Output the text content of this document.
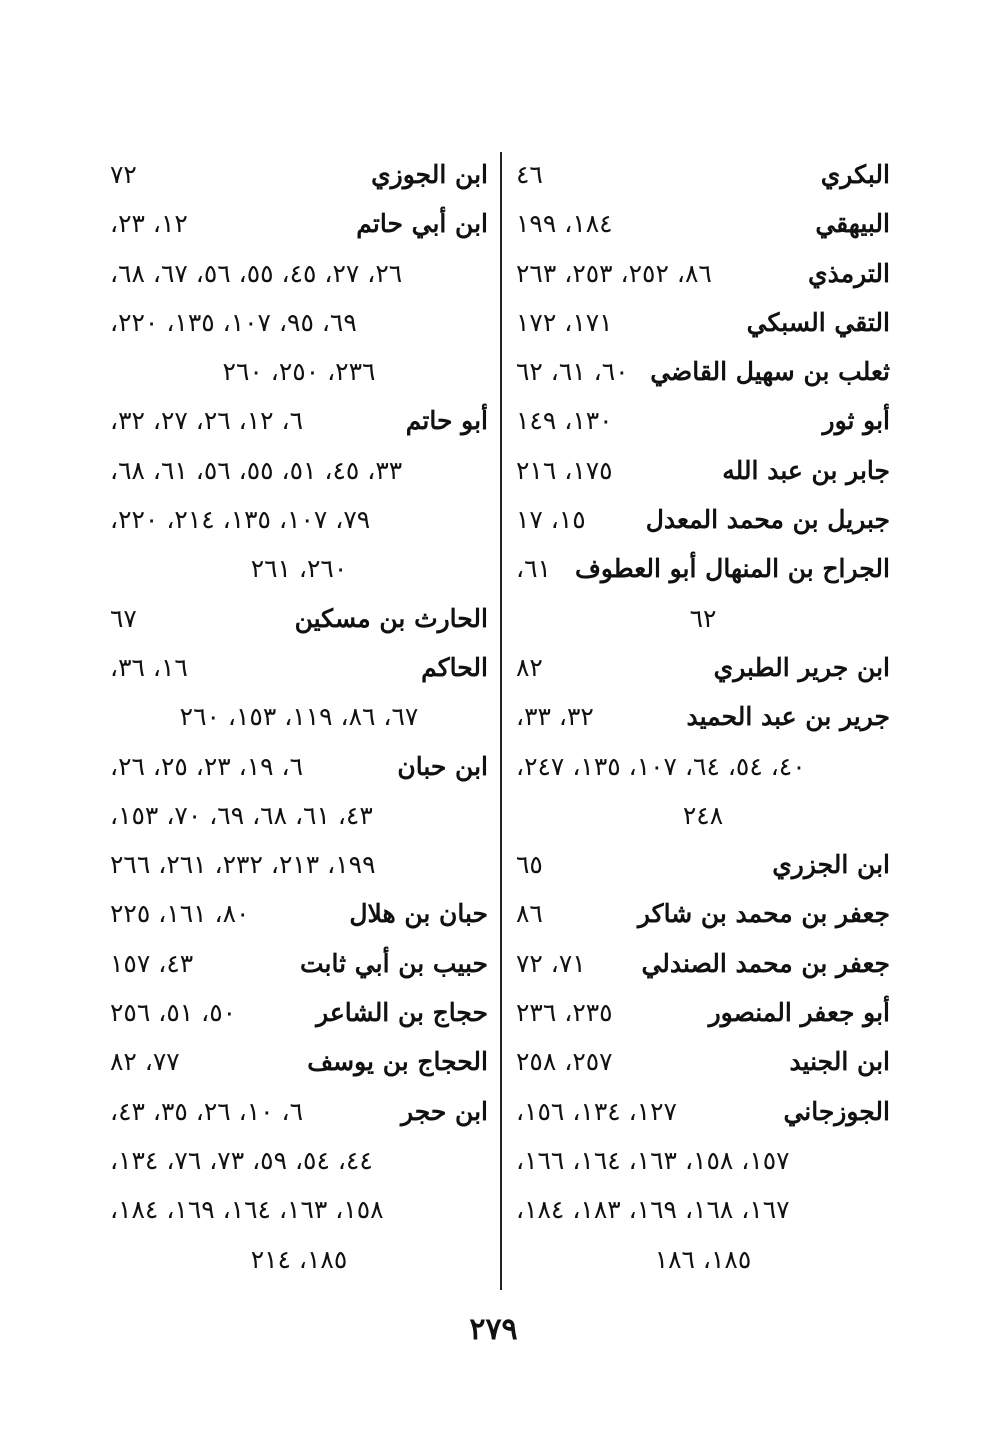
البكري
٤٦
البيهقي
١٨٤، ١٩٩
الترمذي
٨٦، ٢٥٢، ٢٥٣، ٢٦٣
التقي السبكي
١٧١، ١٧٢
ثعلب بن سهيل القاضي
٦٠، ٦١، ٦٢
أبو ثور
١٣٠، ١٤٩
جابر بن عبد الله
١٧٥، ٢١٦
جبريل بن محمد المعدل
١٥، ١٧
الجراح بن المنهال أبو العطوف
٦١،
٦٢
ابن جرير الطبري
٨٢
جرير بن عبد الحميد
٣٢، ٣٣،
٤٠، ٥٤، ٦٤، ١٠٧، ١٣٥، ٢٤٧،
٢٤٨
ابن الجزري
٦٥
جعفر بن محمد بن شاكر
٨٦
جعفر بن محمد الصندلي
٧١، ٧٢
أبو جعفر المنصور
٢٣٥، ٢٣٦
ابن الجنيد
٢٥٧، ٢٥٨
الجوزجاني
١٢٧، ١٣٤، ١٥٦،
١٥٧، ١٥٨، ١٦٣، ١٦٤، ١٦٦،
١٦٧، ١٦٨، ١٦٩، ١٨٣، ١٨٤،
١٨٥، ١٨٦
ابن الجوزي
٧٢
ابن أبي حاتم
١٢، ٢٣،
٢٦، ٢٧، ٤٥، ٥٥، ٥٦، ٦٧، ٦٨،
٦٩، ٩٥، ١٠٧، ١٣٥، ٢٢٠،
٢٣٦، ٢٥٠، ٢٦٠
أبو حاتم
٦، ١٢، ٢٦، ٢٧، ٣٢،
٣٣، ٤٥، ٥١، ٥٥، ٥٦، ٦١، ٦٨،
٧٩، ١٠٧، ١٣٥، ٢١٤، ٢٢٠،
٢٦٠، ٢٦١
الحارث بن مسكين
٦٧
الحاكم
١٦، ٣٦،
٦٧، ٨٦، ١١٩، ١٥٣، ٢٦٠
ابن حبان
٦، ١٩، ٢٣، ٢٥، ٢٦،
٤٣، ٦١، ٦٨، ٦٩، ٧٠، ١٥٣،
١٩٩، ٢١٣، ٢٣٢، ٢٦١، ٢٦٦
حبان بن هلال
٨٠، ١٦١، ٢٢٥
حبيب بن أبي ثابت
٤٣، ١٥٧
حجاج بن الشاعر
٥٠، ٥١، ٢٥٦
الحجاج بن يوسف
٧٧، ٨٢
ابن حجر
٦، ١٠، ٢٦، ٣٥، ٤٣،
٤٤، ٥٤، ٥٩، ٧٣، ٧٦، ١٣٤،
١٥٨، ١٦٣، ١٦٤، ١٦٩، ١٨٤،
١٨٥، ٢١٤
٢٧٩
